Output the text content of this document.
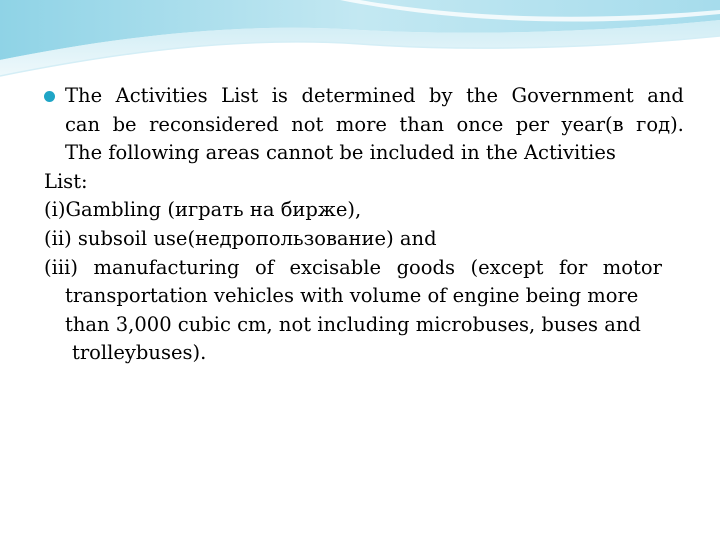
The Activities List is determined by the Government and
can be reconsidered not more than once per year(в год).
The following areas cannot be included in the Activities
List:
(i)Gambling (играть на бирже),
(ii) subsoil use(недропользование) and
(iii) manufacturing of excisable goods (except for motor
transportation vehicles with volume of engine being more
than 3,000 cubic cm, not including microbuses, buses and
trolleybuses).
